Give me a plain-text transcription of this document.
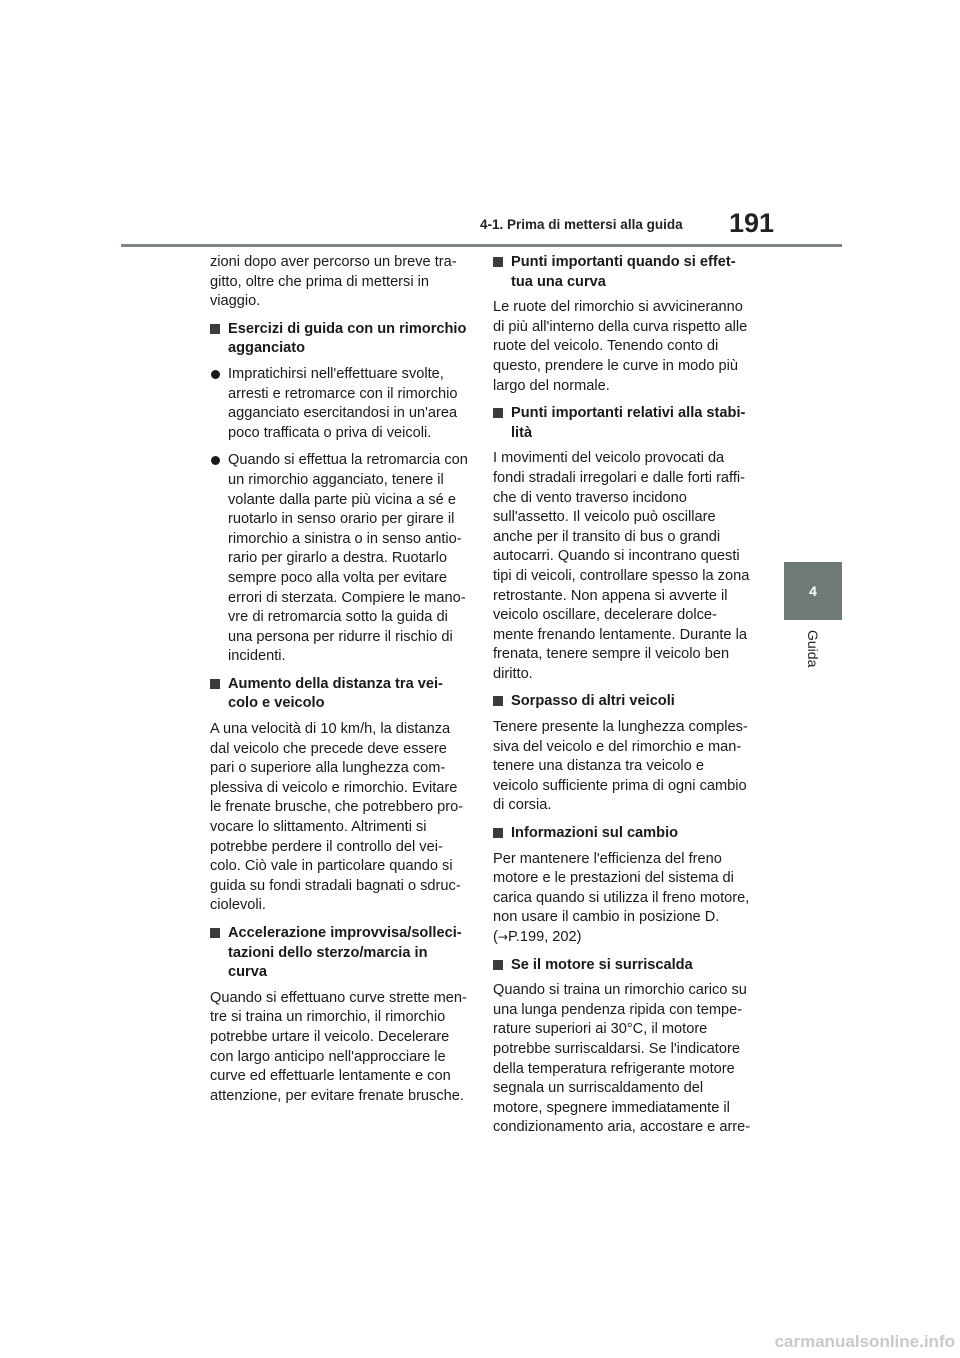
4-1. Prima di mettersi alla guida	191
4
Guida

zioni dopo aver percorso un breve tra-gitto, oltre che prima di mettersi in viaggio.

Esercizi di guida con un rimorchio agganciato
Impratichirsi nell'effettuare svolte, arresti e retromarce con il rimorchio agganciato esercitandosi in un'area poco trafficata o priva di veicoli.
Quando si effettua la retromarcia con un rimorchio agganciato, tenere il volante dalla parte più vicina a sé e ruotarlo in senso orario per girare il rimorchio a sinistra o in senso antio-rario per girarlo a destra. Ruotarlo sempre poco alla volta per evitare errori di sterzata. Compiere le mano-vre di retromarcia sotto la guida di una persona per ridurre il rischio di incidenti.
Aumento della distanza tra vei-colo e veicolo

A una velocità di 10 km/h, la distanza dal veicolo che precede deve essere pari o superiore alla lunghezza com-plessiva di veicolo e rimorchio. Evitare le frenate brusche, che potrebbero pro-vocare lo slittamento. Altrimenti si potrebbe perdere il controllo del vei-colo. Ciò vale in particolare quando si guida su fondi stradali bagnati o sdruc-ciolevoli.

Accelerazione improvvisa/solleci-tazioni dello sterzo/marcia in curva

Quando si effettuano curve strette men-tre si traina un rimorchio, il rimorchio potrebbe urtare il veicolo. Decelerare con largo anticipo nell'approcciare le curve ed effettuarle lentamente e con attenzione, per evitare frenate brusche.

Punti importanti quando si effet-tua una curva

Le ruote del rimorchio si avvicineranno di più all'interno della curva rispetto alle ruote del veicolo. Tenendo conto di questo, prendere le curve in modo più largo del normale.

Punti importanti relativi alla stabi-lità

I movimenti del veicolo provocati da fondi stradali irregolari e dalle forti raffi-che di vento traverso incidono sull'assetto. Il veicolo può oscillare anche per il transito di bus o grandi autocarri. Quando si incontrano questi tipi di veicoli, controllare spesso la zona retrostante. Non appena si avverte il veicolo oscillare, decelerare dolce-mente frenando lentamente. Durante la frenata, tenere sempre il veicolo ben diritto.

Sorpasso di altri veicoli

Tenere presente la lunghezza comples-siva del veicolo e del rimorchio e man-tenere una distanza tra veicolo e veicolo sufficiente prima di ogni cambio di corsia.

Informazioni sul cambio

Per mantenere l'efficienza del freno motore e le prestazioni del sistema di carica quando si utilizza il freno motore, non usare il cambio in posizione D.
(→P.199, 202)

Se il motore si surriscalda

Quando si traina un rimorchio carico su una lunga pendenza ripida con tempe-rature superiori ai 30°C, il motore potrebbe surriscaldarsi. Se l'indicatore della temperatura refrigerante motore segnala un surriscaldamento del motore, spegnere immediatamente il condizionamento aria, accostare e arre-

carmanualsonline.info
